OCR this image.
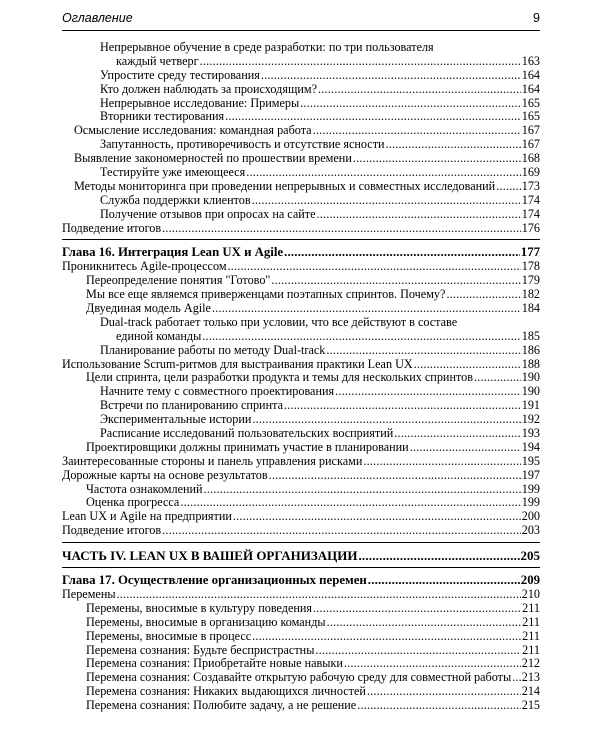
Оглавление	9
Непрерывное обучение в среде разработки: по три пользователя
каждый четверг .....	163
Упростите среду тестирования .....	164
Кто должен наблюдать за происходящим? .....	164
Непрерывное исследование: Примеры .....	165
Вторники тестирования .....	165
Осмысление исследования: командная работа .....	167
Запутанность, противоречивость и отсутствие ясности .....	167
Выявление закономерностей по прошествии времени .....	168
Тестируйте уже имеющееся .....	169
Методы мониторинга при проведении непрерывных и совместных исследований ..... 173
Служба поддержки клиентов .....	174
Получение отзывов при опросах на сайте .....	174
Подведение итогов .....	176
Глава 16. Интеграция Lean UX и Agile .....	177
Проникнитесь Agile-процессом .....	178
Переопределение понятия "Готово" .....	179
Мы все еще являемся приверженцами поэтапных спринтов. Почему? .....	182
Двуединая модель Agile .....	184
Dual-track работает только при условии, что все действуют в составе
единой команды .....	185
Планирование работы по методу Dual-track .....	186
Использование Scrum-ритмов для выстраивания практики Lean UX .....	188
Цели спринта, цели разработки продукта и темы для нескольких спринтов .....	190
Начните тему с совместного проектирования .....	190
Встречи по планированию спринта .....	191
Экспериментальные истории .....	192
Расписание исследований пользовательских восприятий .....	193
Проектировщики должны принимать участие в планировании .....	194
Заинтересованные стороны и панель управления рисками .....	195
Дорожные карты на основе результатов .....	197
Частота ознакомлений .....	199
Оценка прогресса .....	199
Lean UX и Agile на предприятии .....	200
Подведение итогов .....	203
ЧАСТЬ IV. LEAN UX В ВАШЕЙ ОРГАНИЗАЦИИ .....	205
Глава 17. Осуществление организационных перемен .....	209
Перемены .....	210
Перемены, вносимые в культуру поведения .....	211
Перемены, вносимые в организацию команды .....	211
Перемены, вносимые в процесс .....	211
Перемена сознания: Будьте беспристрастны .....	211
Перемена сознания: Приобретайте новые навыки .....	212
Перемена сознания: Создавайте открытую рабочую среду для совместной работы ..... 213
Перемена сознания: Никаких выдающихся личностей .....	214
Перемена сознания: Полюбите задачу, а не решение .....	215
